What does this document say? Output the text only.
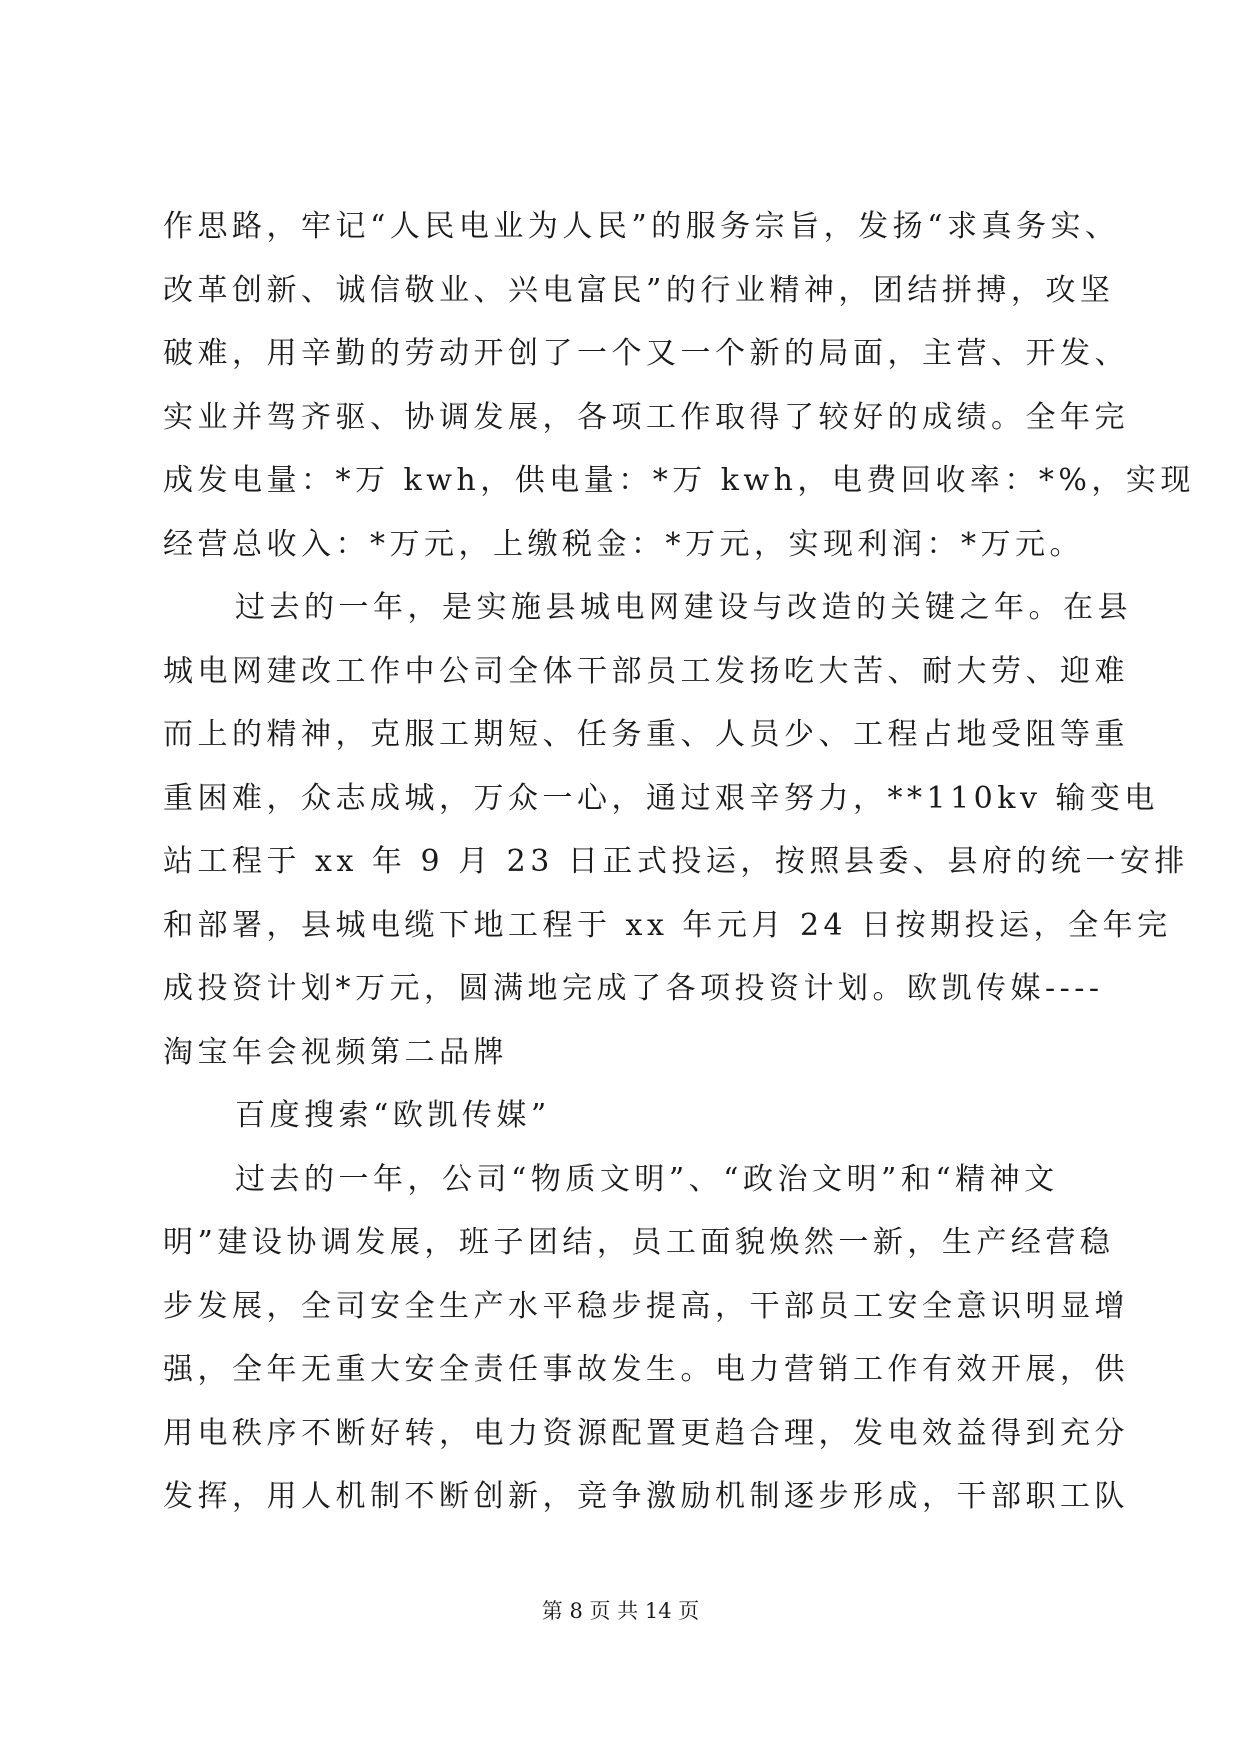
作思路，牢记“人民电业为人民”的服务宗旨，发扬“求真务实、
改革创新、诚信敬业、兴电富民”的行业精神，团结拼搏，攻坚
破难，用辛勤的劳动开创了一个又一个新的局面，主营、开发、
实业并驾齐驱、协调发展，各项工作取得了较好的成绩。全年完
成发电量：*万 kwh，供电量：*万 kwh，电费回收率：*%，实现
经营总收入：*万元，上缴税金：*万元，实现利润：*万元。
过去的一年，是实施县城电网建设与改造的关键之年。在县
城电网建改工作中公司全体干部员工发扬吃大苦、耐大劳、迎难
而上的精神，克服工期短、任务重、人员少、工程占地受阻等重
重困难，众志成城，万众一心，通过艰辛努力，**110kv 输变电
站工程于 xx 年 9 月 23 日正式投运，按照县委、县府的统一安排
和部署，县城电缆下地工程于 xx 年元月 24 日按期投运，全年完
成投资计划*万元，圆满地完成了各项投资计划。欧凯传媒----
淘宝年会视频第二品牌
百度搜索“欧凯传媒”
过去的一年，公司“物质文明”、“政治文明”和“精神文
明”建设协调发展，班子团结，员工面貌焕然一新，生产经营稳
步发展，全司安全生产水平稳步提高，干部员工安全意识明显增
强，全年无重大安全责任事故发生。电力营销工作有效开展，供
用电秩序不断好转，电力资源配置更趋合理，发电效益得到充分
发挥，用人机制不断创新，竞争激励机制逐步形成，干部职工队
第 8 页 共 14 页
